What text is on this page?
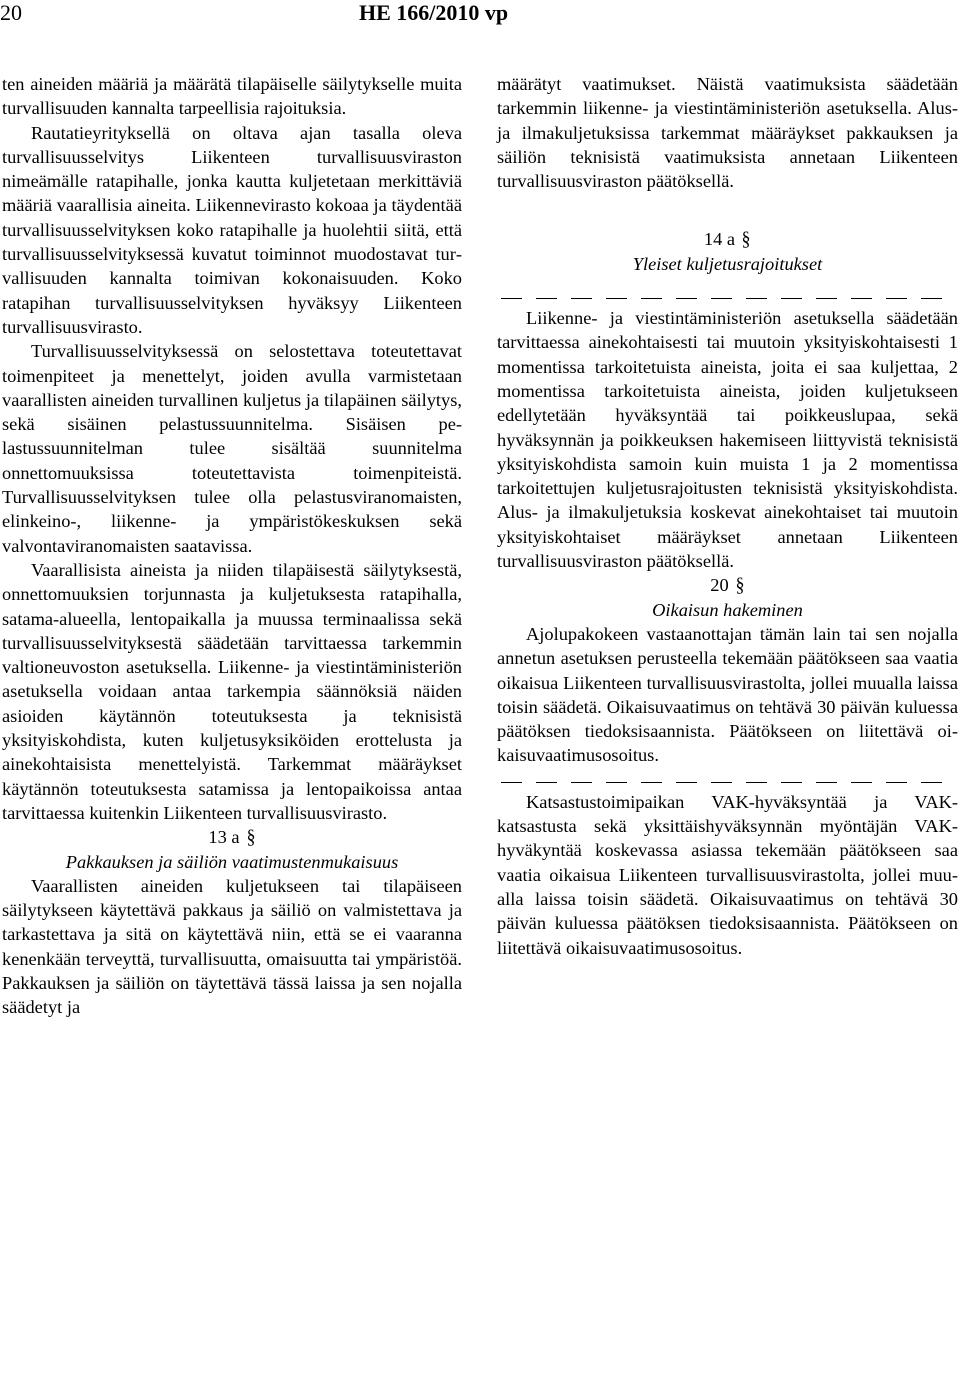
20	HE 166/2010 vp

ten aineiden määriä ja määrätä tilapäiselle säilytykselle muita turvallisuuden kannalta tarpeellisia rajoituksia.

Rautatieyrityksellä on oltava ajan tasalla oleva turvallisuusselvitys Liikenteen turvallisuusviraston nimeämälle ratapihalle, jonka kautta kuljetetaan merkittäviä määriä vaarallisia aineita. Liikennevirasto kokoaa ja täydentää turvallisuusselvityksen koko ratapihalle ja huolehtii siitä, että turvallisuusselvityksessä kuvatut toiminnot muodostavat turvallisuuden kannalta toimivan kokonaisuuden. Koko ratapihan turvallisuusselvityksen hyväksyy Liikenteen turvallisuusvirasto.

Turvallisuusselvityksessä on selostettava toteutettavat toimenpiteet ja menettelyt, joiden avulla varmistetaan vaarallisten aineiden turvallinen kuljetus ja tilapäinen säilytys, sekä sisäinen pelastussuunnitelma. Sisäisen pelastussuunnitelman tulee sisältää suunnitelma onnettomuuksissa toteutettavista toimenpiteistä. Turvallisuusselvityksen tulee olla pelastusviranomaisten, elinkeino-, liikenne- ja ympäristökeskuksen sekä valvontaviranomaisten saatavissa.

Vaarallisista aineista ja niiden tilapäisestä säilytyksestä, onnettomuuksien torjunnasta ja kuljetuksesta ratapihalla, satama-alueella, lentopaikalla ja muussa terminaalissa sekä turvallisuusselvityksestä säädetään tarvittaessa tarkemmin valtioneuvoston asetuksella. Liikenne- ja viestintäministeriön asetuksella voidaan antaa tarkempia säännöksiä näiden asioiden käytännön toteutuksesta ja teknisistä yksityiskohdista, kuten kuljetusyksiköiden erottelusta ja ainekohtaisista menettelyistä. Tarkemmat määräykset käytännön toteutuksesta satamissa ja lentopaikoissa antaa tarvittaessa kuitenkin Liikenteen turvallisuusvirasto.

13 a §

Pakkauksen ja säiliön vaatimustenmukaisuus

Vaarallisten aineiden kuljetukseen tai tilapäiseen säilytykseen käytettävä pakkaus ja säiliö on valmistettava ja tarkastettava ja sitä on käytettävä niin, että se ei vaaranna kenenkään terveyttä, turvallisuutta, omaisuutta tai ympäristöä. Pakkauksen ja säiliön on täytettävä tässä laissa ja sen nojalla säädetyt ja

määrätyt vaatimukset. Näistä vaatimuksista säädetään tarkemmin liikenne- ja viestintäministeriön asetuksella. Alus- ja ilmakuljetuksissa tarkemmat määräykset pakkauksen ja säiliön teknisistä vaatimuksista annetaan Liikenteen turvallisuusviraston päätöksellä.

14 a §

Yleiset kuljetusrajoitukset

Liikenne- ja viestintäministeriön asetuksella säädetään tarvittaessa ainekohtaisesti tai muutoin yksityiskohtaisesti 1 momentissa tarkoitetuista aineista, joita ei saa kuljettaa, 2 momentissa tarkoitetuista aineista, joiden kuljetukseen edellytetään hyväksyntää tai poikkeuslupaa, sekä hyväksynnän ja poikkeuksen hakemiseen liittyvistä teknisistä yksityiskohdista samoin kuin muista 1 ja 2 momentissa tarkoitettujen kuljetusrajoitusten teknisistä yksityiskohdista. Alus- ja ilmakuljetuksia koskevat ainekohtaiset tai muutoin yksityiskohtaiset määräykset annetaan Liikenteen turvallisuusviraston päätöksellä.

20 §

Oikaisun hakeminen

Ajolupakokeen vastaanottajan tämän lain tai sen nojalla annetun asetuksen perusteella tekemään päätökseen saa vaatia oikaisua Liikenteen turvallisuusvirastolta, jollei muualla laissa toisin säädetä. Oikaisuvaatimus on tehtävä 30 päivän kuluessa päätöksen tiedoksisaannista. Päätökseen on liitettävä oikaisuvaatimusosoitus.

Katsastustoimipaikan VAK-hyväksyntää ja VAK-katsastusta sekä yksittäishyväksynnän myöntäjän VAK-hyväkyntää koskevassa asiassa tekemään päätökseen saa vaatia oikaisua Liikenteen turvallisuusvirastolta, jollei muualla laissa toisin säädetä. Oikaisuvaatimus on tehtävä 30 päivän kuluessa päätöksen tiedoksisaannista. Päätökseen on liitettävä oikaisuvaatimusosoitus.
